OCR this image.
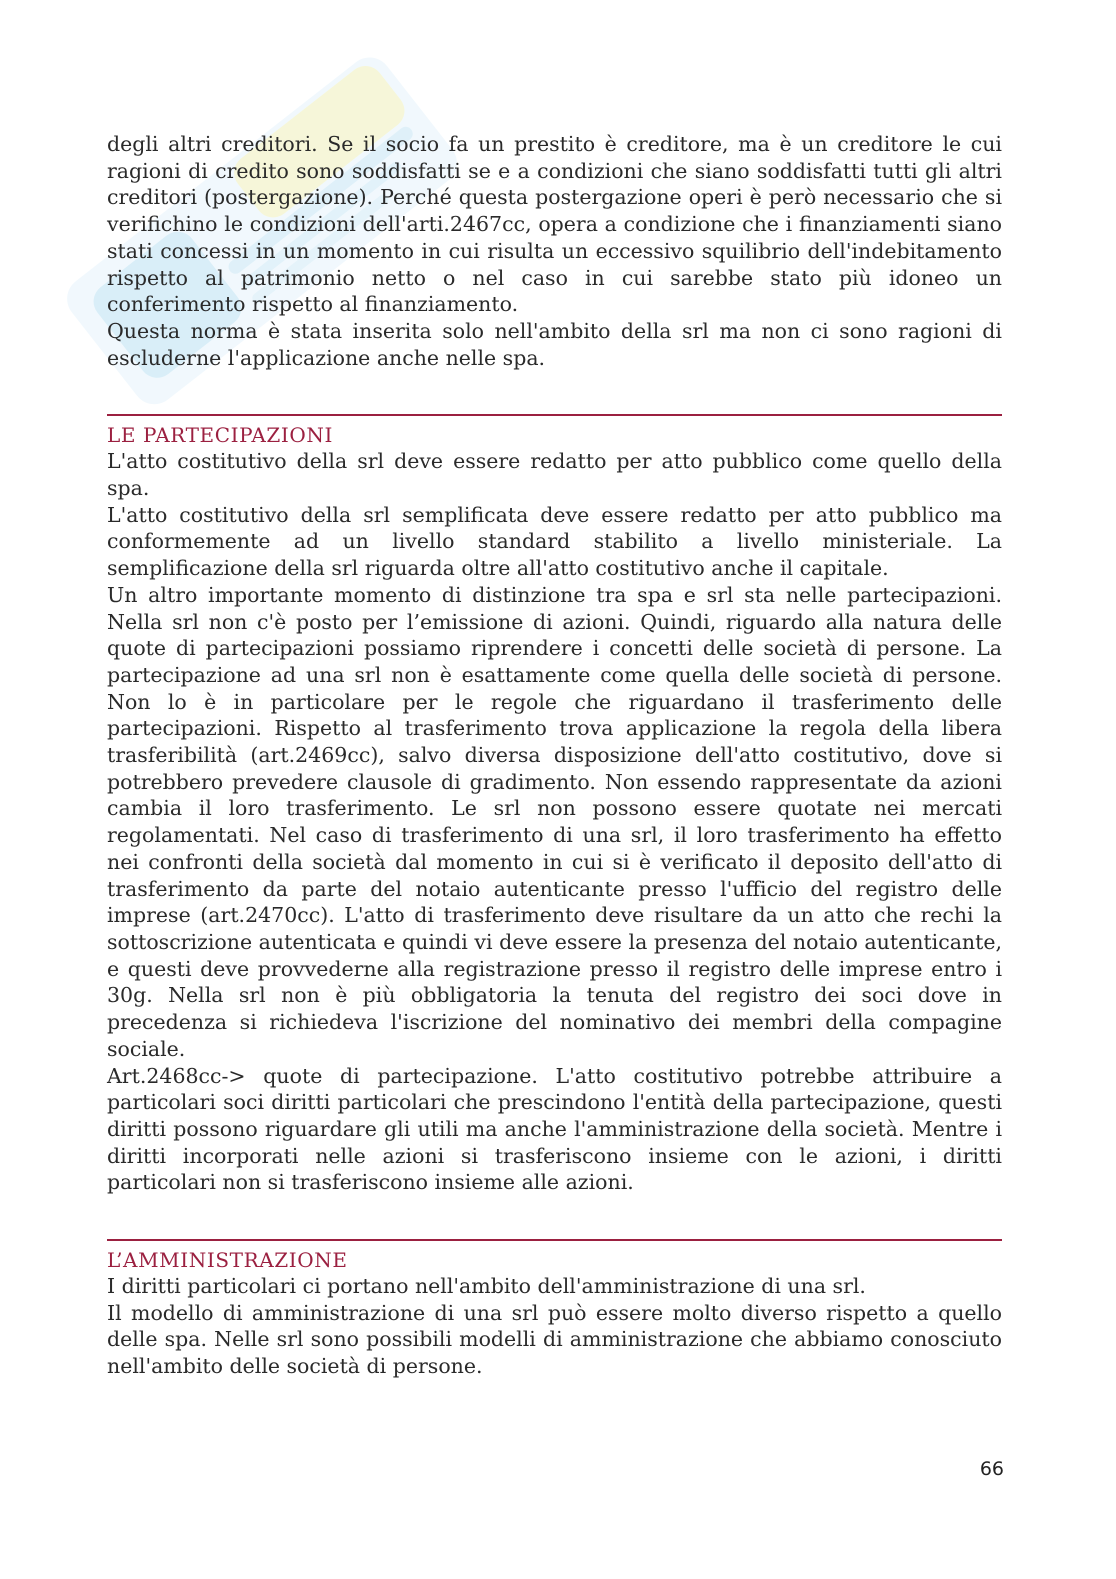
degli altri creditori. Se il socio fa un prestito è creditore, ma è un creditore le cui ragioni di credito sono soddisfatti se e a condizioni che siano soddisfatti tutti gli altri creditori (postergazione). Perché questa postergazione operi è però necessario che si verifichino le condizioni dell'arti.2467cc, opera a condizione che i finanziamenti siano stati concessi in un momento in cui risulta un eccessivo squilibrio dell'indebitamento rispetto al patrimonio netto o nel caso in cui sarebbe stato più idoneo un conferimento rispetto al finanziamento.

Questa norma è stata inserita solo nell'ambito della srl ma non ci sono ragioni di escluderne l'applicazione anche nelle spa.

LE PARTECIPAZIONI

L'atto costitutivo della srl deve essere redatto per atto pubblico come quello della spa.

L'atto costitutivo della srl semplificata deve essere redatto per atto pubblico ma conformemente ad un livello standard stabilito a livello ministeriale. La semplificazione della srl riguarda oltre all'atto costitutivo anche il capitale.

Un altro importante momento di distinzione tra spa e srl sta nelle partecipazioni. Nella srl non c'è posto per l’emissione di azioni. Quindi, riguardo alla natura delle quote di partecipazioni possiamo riprendere i concetti delle società di persone. La partecipazione ad una srl non è esattamente come quella delle società di persone. Non lo è in particolare per le regole che riguardano il trasferimento delle partecipazioni. Rispetto al trasferimento trova applicazione la regola della libera trasferibilità (art.2469cc), salvo diversa disposizione dell'atto costitutivo, dove si potrebbero prevedere clausole di gradimento. Non essendo rappresentate da azioni cambia il loro trasferimento. Le srl non possono essere quotate nei mercati regolamentati. Nel caso di trasferimento di una srl, il loro trasferimento ha effetto nei confronti della società dal momento in cui si è verificato il deposito dell'atto di trasferimento da parte del notaio autenticante presso l'ufficio del registro delle imprese (art.2470cc). L'atto di trasferimento deve risultare da un atto che rechi la sottoscrizione autenticata e quindi vi deve essere la presenza del notaio autenticante, e questi deve provvederne alla registrazione presso il registro delle imprese entro i 30g. Nella srl non è più obbligatoria la tenuta del registro dei soci dove in precedenza si richiedeva l'iscrizione del nominativo dei membri della compagine sociale.

Art.2468cc-> quote di partecipazione. L'atto costitutivo potrebbe attribuire a particolari soci diritti particolari che prescindono l'entità della partecipazione, questi diritti possono riguardare gli utili ma anche l'amministrazione della società. Mentre i diritti incorporati nelle azioni si trasferiscono insieme con le azioni, i diritti particolari non si trasferiscono insieme alle azioni.

L’AMMINISTRAZIONE

I diritti particolari ci portano nell'ambito dell'amministrazione di una srl.

Il modello di amministrazione di una srl può essere molto diverso rispetto a quello delle spa. Nelle srl sono possibili modelli di amministrazione che abbiamo conosciuto nell'ambito delle società di persone.

66
